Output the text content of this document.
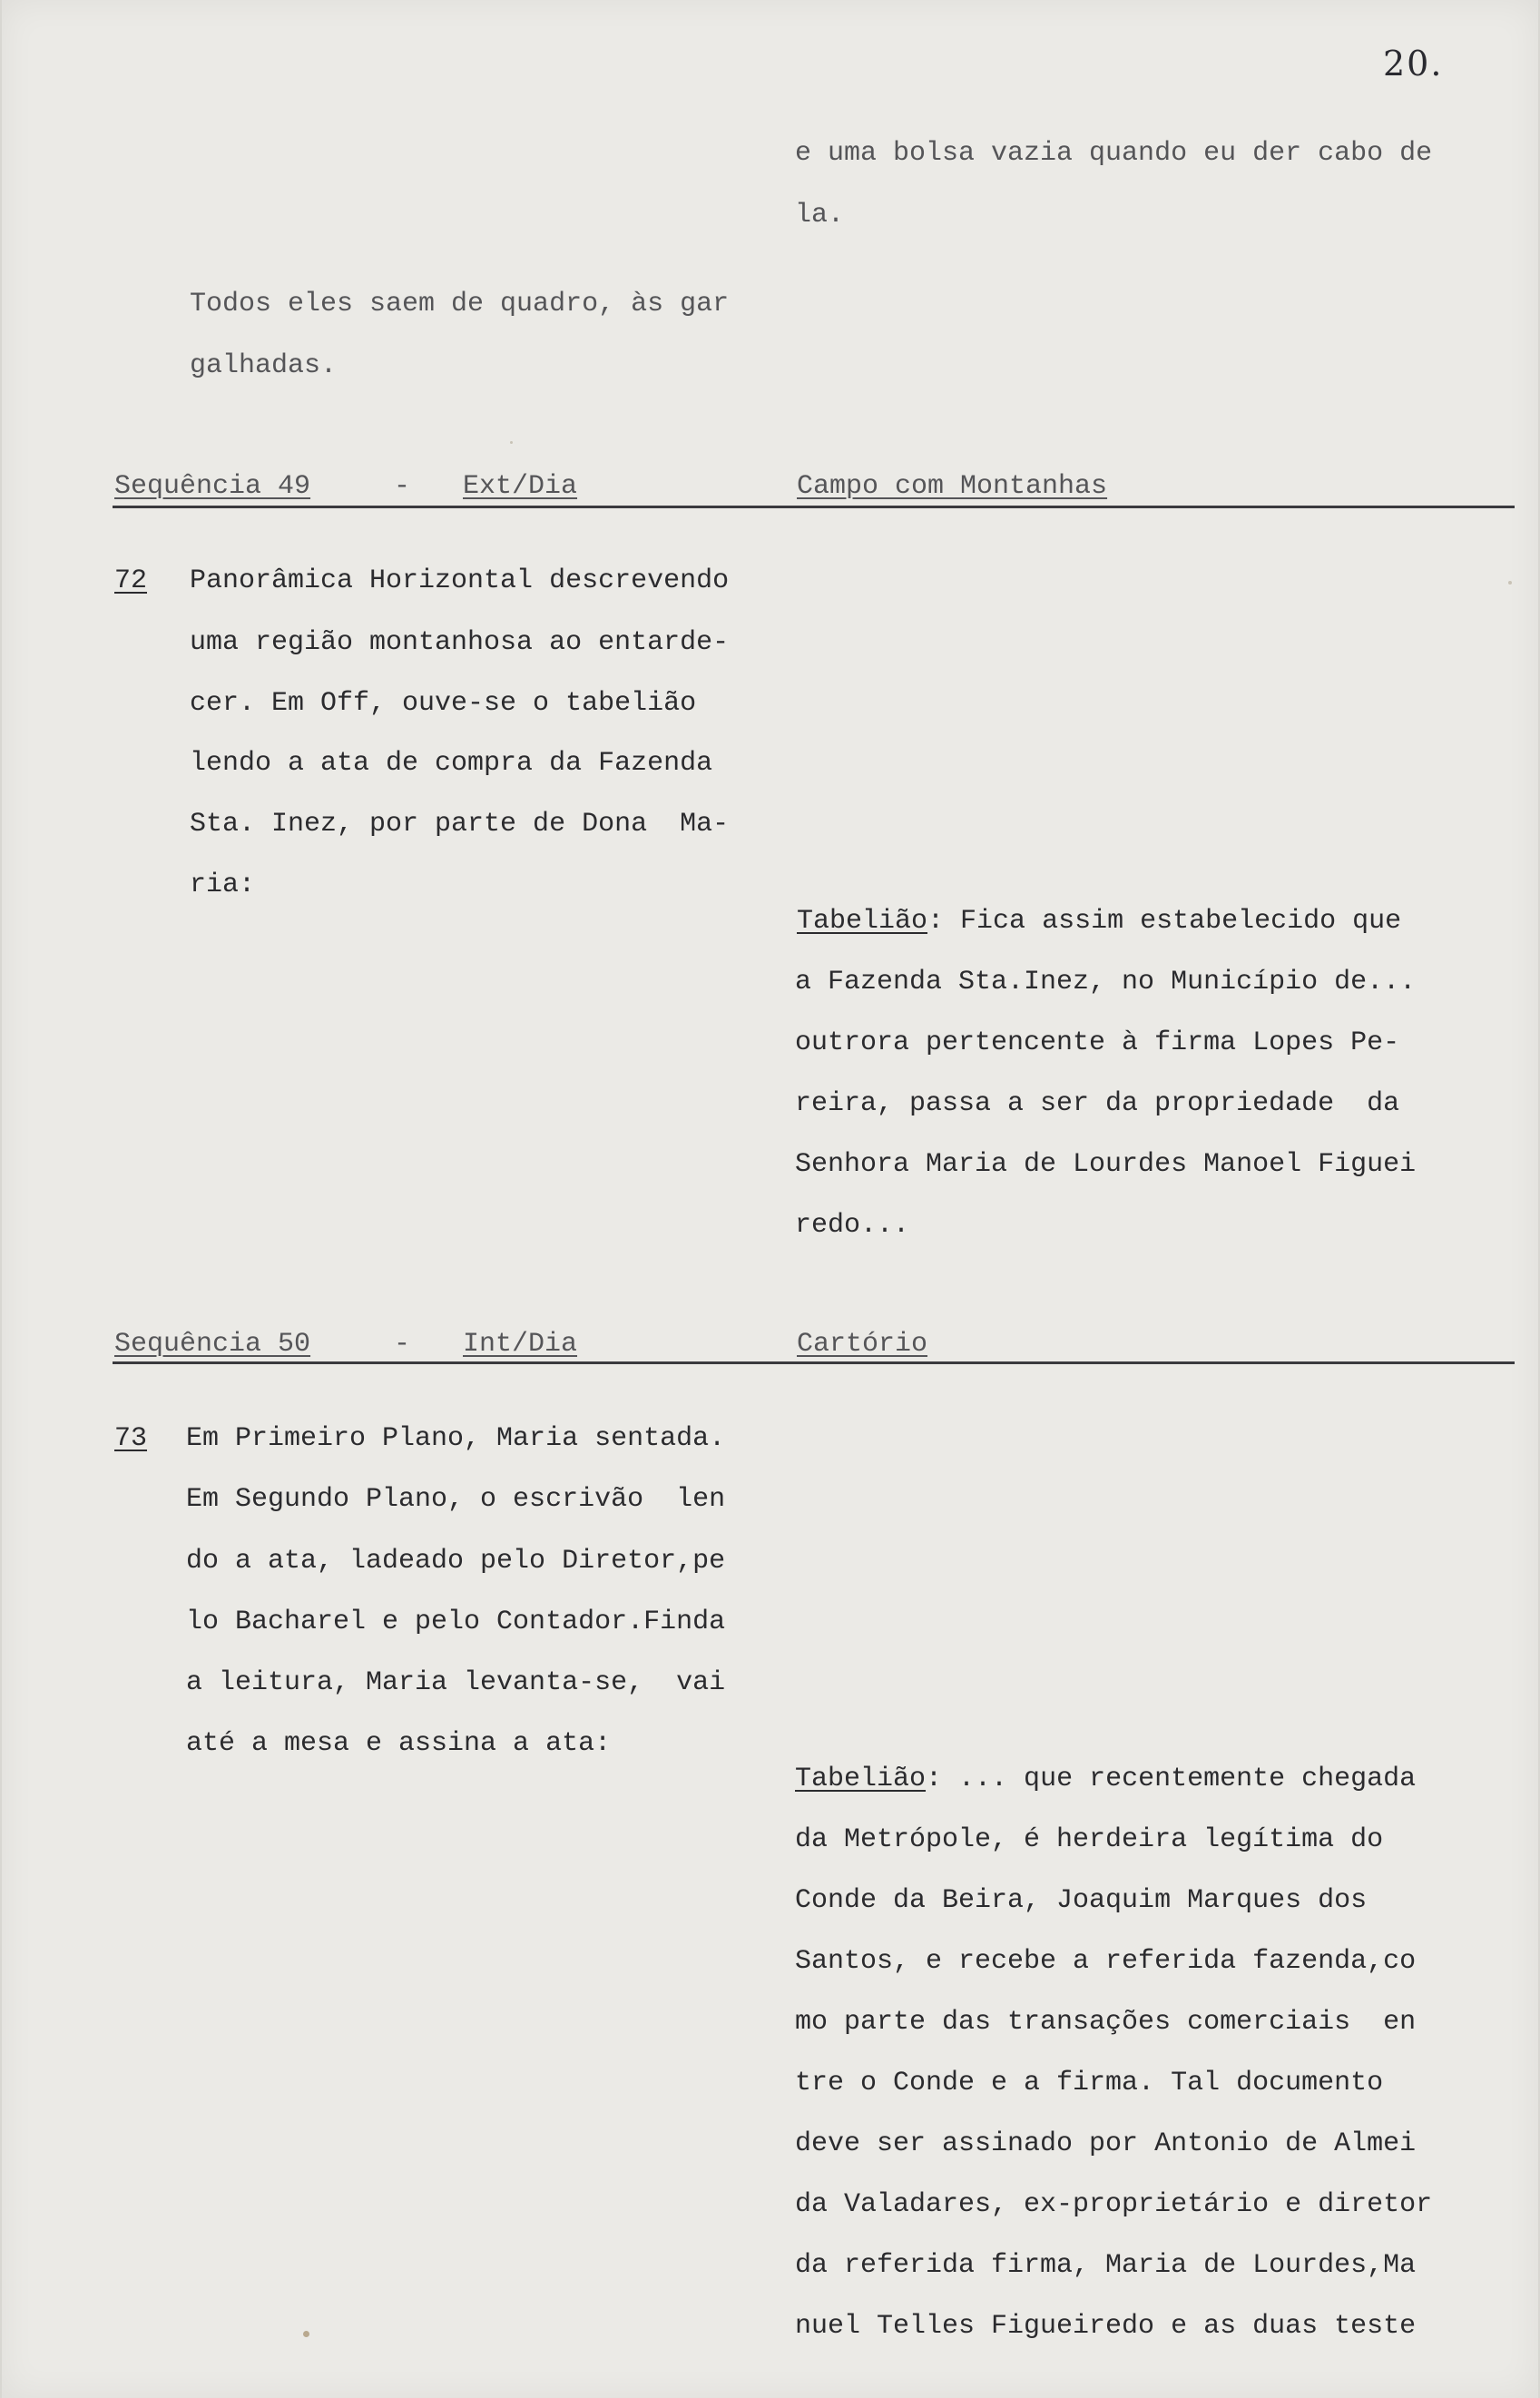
20.
e uma bolsa vazia quando eu der cabo de
la.
Todos eles saem de quadro, às gar
galhadas.
Sequência 49	- Ext/Dia	Campo com Montanhas
72 Panorâmica Horizontal descrevendo
uma região montanhosa ao entarde-
cer. Em Off, ouve-se o tabelião
lendo a ata de compra da Fazenda
Sta. Inez, por parte de Dona  Ma-
ria:
Tabelião: Fica assim estabelecido que
a Fazenda Sta.Inez, no Município de...
outrora pertencente à firma Lopes Pe-
reira, passa a ser da propriedade  da
Senhora Maria de Lourdes Manoel Figuei
redo...
Sequência 50	- Int/Dia	Cartório
73 Em Primeiro Plano, Maria sentada.
Em Segundo Plano, o escrivão  len
do a ata, ladeado pelo Diretor,pe
lo Bacharel e pelo Contador.Finda
a leitura, Maria levanta-se,  vai
até a mesa e assina a ata:
Tabelião: ... que recentemente chegada
da Metrópole, é herdeira legítima do
Conde da Beira, Joaquim Marques dos
Santos, e recebe a referida fazenda,co
mo parte das transações comerciais  en
tre o Conde e a firma. Tal documento
deve ser assinado por Antonio de Almei
da Valadares, ex-proprietário e diretor
da referida firma, Maria de Lourdes,Ma
nuel Telles Figueiredo e as duas teste
